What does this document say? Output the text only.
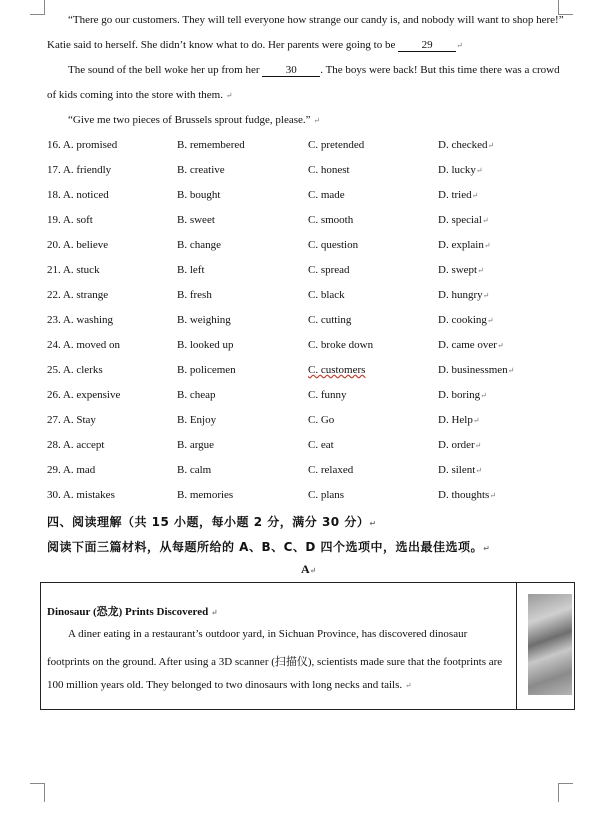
“There go our customers. They will tell everyone how strange our candy is, and nobody will want to shop here!”
Katie said to herself. She didn’t know what to do. Her parents were going to be 29	↵
The sound of the bell woke her up from her 30 . The boys were back! But this time there was a crowd
of kids coming into the store with them. ↵
“Give me two pieces of Brussels sprout fudge, please.” ↵
16. A. promised	B. remembered	C. pretended	D. checked↵
17. A. friendly	B. creative	C. honest	D. lucky↵
18. A. noticed	B. bought	C. made	D. tried↵
19. A. soft	B. sweet	C. smooth	D. special↵
20. A. believe	B. change	C. question	D. explain↵
21. A. stuck	B. left	C. spread	D. swept↵
22. A. strange	B. fresh	C. black	D. hungry↵
23. A. washing	B. weighing	C. cutting	D. cooking↵
24. A. moved on	B. looked up	C. broke down	D. came over↵
25. A. clerks	B. policemen	C. customers	D. businessmen↵
26. A. expensive	B. cheap	C. funny	D. boring↵
27. A. Stay	B. Enjoy	C. Go	D. Help↵
28. A. accept	B. argue	C. eat	D. order↵
29. A. mad	B. calm	C. relaxed	D. silent↵
30. A. mistakes	B. memories	C. plans	D. thoughts↵
四、阅读理解（共 15 小题，每小题 2 分，满分 30 分）↵
阅读下面三篇材料，从每题所给的 A、B、C、D 四个选项中，选出最佳选项。↵
A↵
Dinosaur (恐龙) Prints Discovered ↵
A diner eating in a restaurant’s outdoor yard, in Sichuan Province, has discovered dinosaur
footprints on the ground. After using a 3D scanner (扫描仪), scientists made sure that the footprints are
100 million years old. They belonged to two dinosaurs with long necks and tails. ↵
